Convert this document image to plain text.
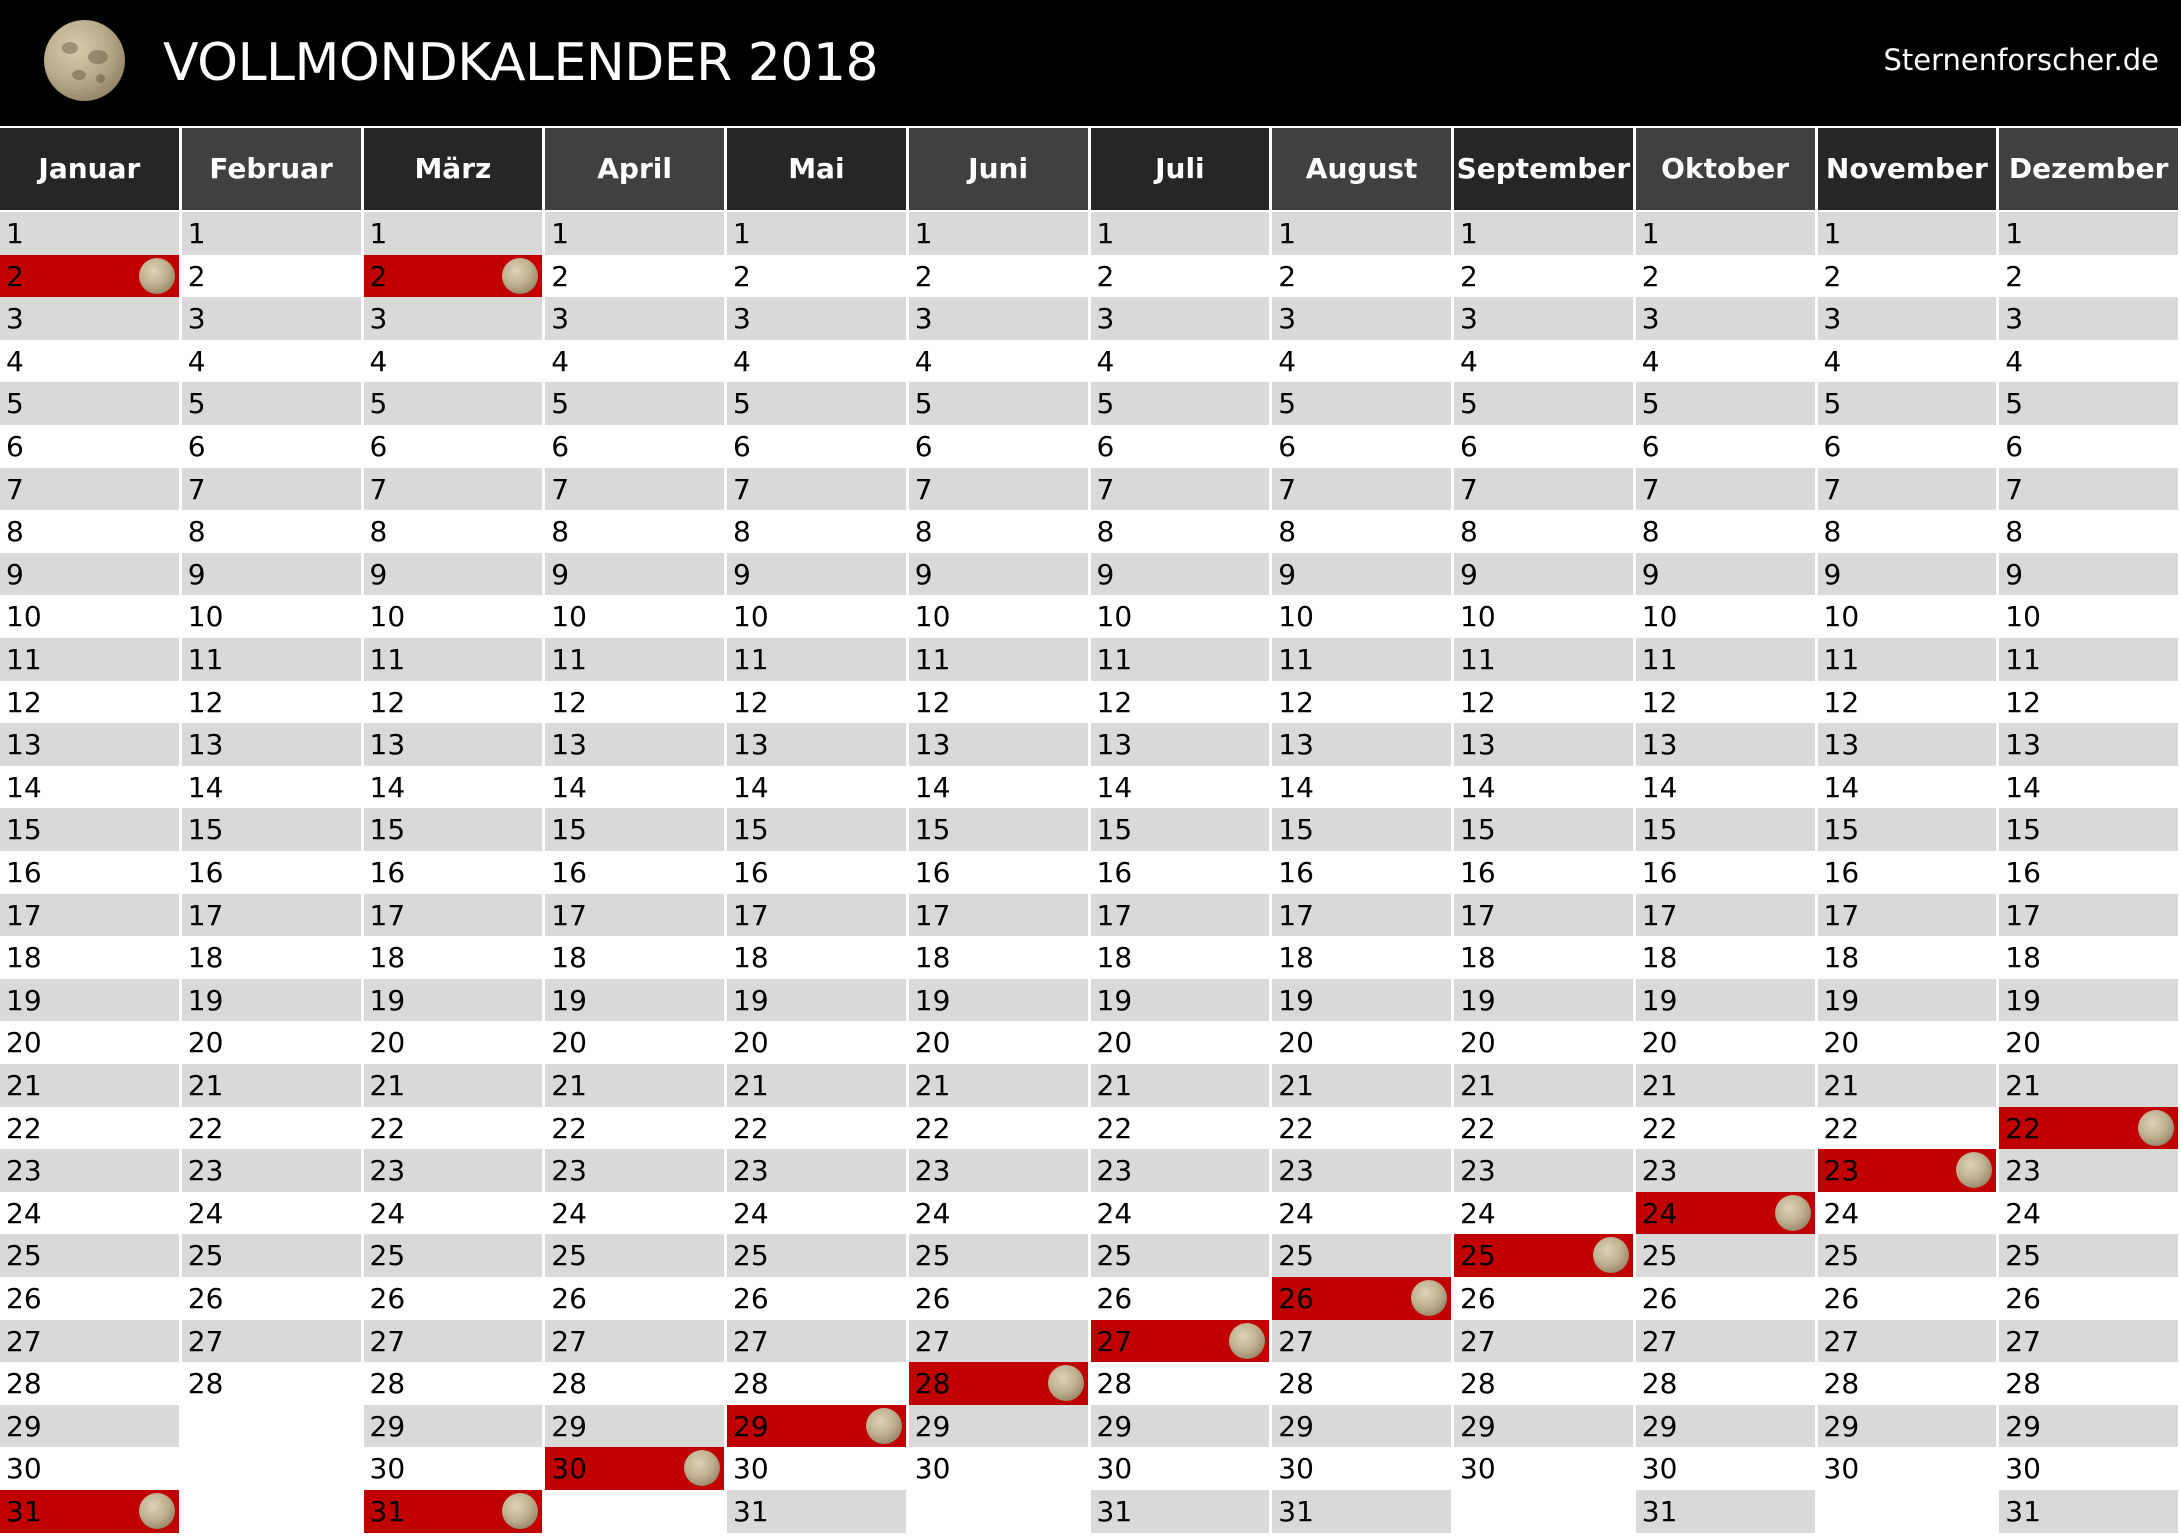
VOLLMONDKALENDER 2018	Sternenforscher.de
Januar
1
2
3
4
5
6
7
8
9
10
11
12
13
14
15
16
17
18
19
20
21
22
23
24
25
26
27
28
29
30
31
Februar
1
2
3
4
5
6
7
8
9
10
11
12
13
14
15
16
17
18
19
20
21
22
23
24
25
26
27
28
März
1
2
3
4
5
6
7
8
9
10
11
12
13
14
15
16
17
18
19
20
21
22
23
24
25
26
27
28
29
30
31
April
1
2
3
4
5
6
7
8
9
10
11
12
13
14
15
16
17
18
19
20
21
22
23
24
25
26
27
28
29
30
Mai
1
2
3
4
5
6
7
8
9
10
11
12
13
14
15
16
17
18
19
20
21
22
23
24
25
26
27
28
29
30
31
Juni
1
2
3
4
5
6
7
8
9
10
11
12
13
14
15
16
17
18
19
20
21
22
23
24
25
26
27
28
29
30
Juli
1
2
3
4
5
6
7
8
9
10
11
12
13
14
15
16
17
18
19
20
21
22
23
24
25
26
27
28
29
30
31
August
1
2
3
4
5
6
7
8
9
10
11
12
13
14
15
16
17
18
19
20
21
22
23
24
25
26
27
28
29
30
31
September
1
2
3
4
5
6
7
8
9
10
11
12
13
14
15
16
17
18
19
20
21
22
23
24
25
26
27
28
29
30
Oktober
1
2
3
4
5
6
7
8
9
10
11
12
13
14
15
16
17
18
19
20
21
22
23
24
25
26
27
28
29
30
31
November
1
2
3
4
5
6
7
8
9
10
11
12
13
14
15
16
17
18
19
20
21
22
23
24
25
26
27
28
29
30
Dezember
1
2
3
4
5
6
7
8
9
10
11
12
13
14
15
16
17
18
19
20
21
22
23
24
25
26
27
28
29
30
31
